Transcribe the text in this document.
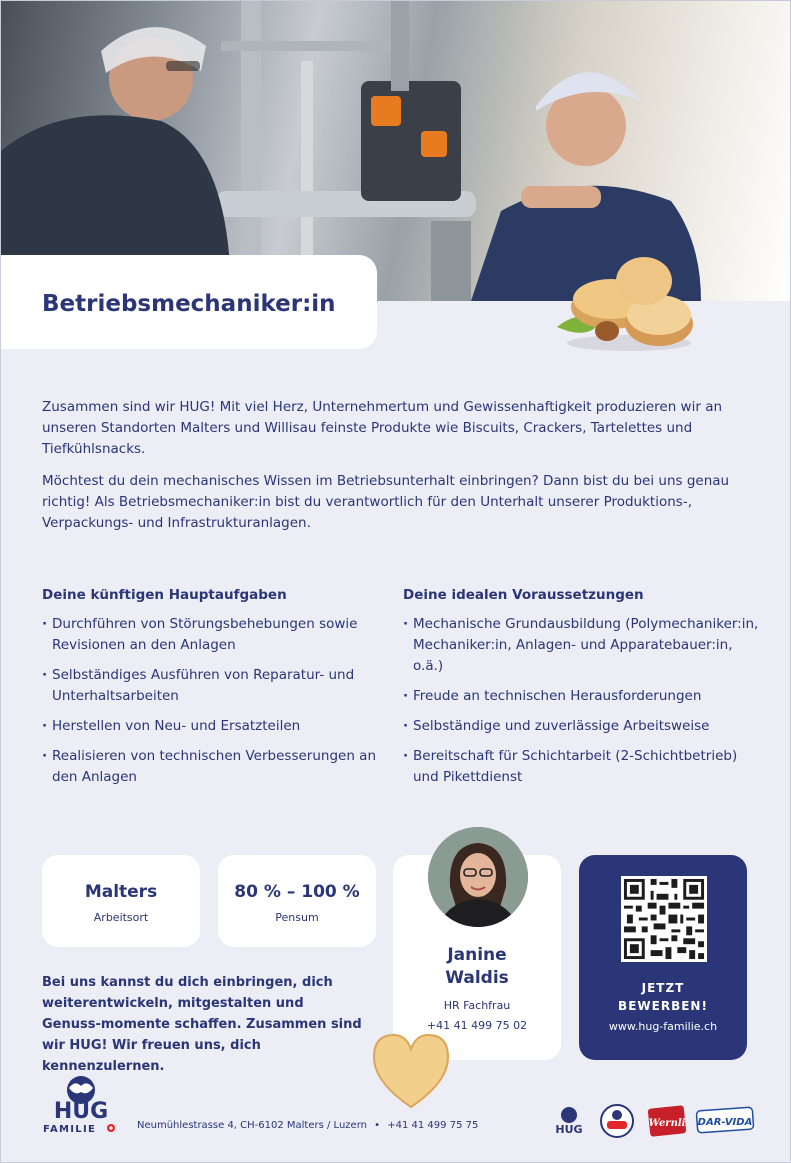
Betriebsmechaniker:in

Zusammen sind wir HUG! Mit viel Herz, Unternehmertum und Gewissenhaftigkeit produzieren wir an unseren Standorten Malters und Willisau feinste Produkte wie Biscuits, Crackers, Tartelettes und Tiefkühlsnacks.

Möchtest du dein mechanisches Wissen im Betriebsunterhalt einbringen? Dann bist du bei uns genau richtig! Als Betriebsmechaniker:in bist du verantwortlich für den Unterhalt unserer Produktions-, Verpackungs- und Infrastrukturanlagen.

Deine künftigen Hauptaufgaben
· Durchführen von Störungsbehebungen sowie Revisionen an den Anlagen
· Selbständiges Ausführen von Reparatur- und Unterhaltsarbeiten
· Herstellen von Neu- und Ersatzteilen
· Realisieren von technischen Verbesserungen an den Anlagen
Deine idealen Voraussetzungen
· Mechanische Grundausbildung (Polymechaniker:in, Mechaniker:in, Anlagen- und Apparatebauer:in, o.ä.)
· Freude an technischen Herausforderungen
· Selbständige und zuverlässige Arbeitsweise
· Bereitschaft für Schichtarbeit (2-Schichtbetrieb) und Pikettdienst
Malters
Arbeitsort
80 % – 100 %
Pensum
Bei uns kannst du dich einbringen, dich weiterentwickeln, mitgestalten und Genuss-momente schaffen. Zusammen sind wir HUG! Wir freuen uns, dich kennenzulernen.
Janine
Waldis
HR Fachfrau
+41 41 499 75 02
JETZT
BEWERBEN!
www.hug-familie.ch
HUG
FAMILIE	Neumühlestrasse 4, CH-6102 Malters / Luzern • +41 41 499 75 75	HUG	Wernli DAR-VIDA
